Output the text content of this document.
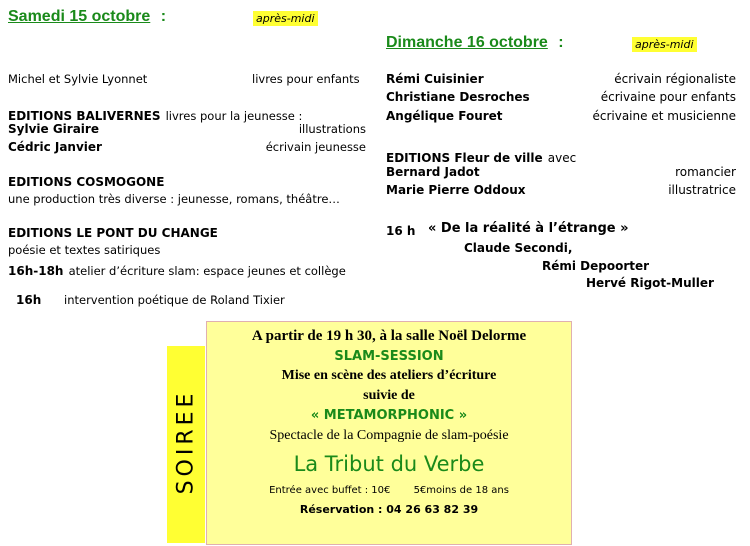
Samedi 15 octobre :	après-midi
Michel et Sylvie Lyonnet	livres pour enfants
EDITIONS BALIVERNES livres pour la jeunesse :
Sylvie Giraire	illustrations
Cédric Janvier	écrivain jeunesse
EDITIONS COSMOGONE
une production très diverse : jeunesse, romans, théâtre…
EDITIONS LE PONT DU CHANGE
poésie et textes satiriques
16h-18h atelier d’écriture slam: espace jeunes et collège
16h intervention poétique de Roland Tixier
Dimanche 16 octobre :	après-midi
Rémi Cuisinier	écrivain régionaliste
Christiane Desroches	écrivaine pour enfants
Angélique Fouret	écrivaine et musicienne
EDITIONS Fleur de ville avec
Bernard Jadot	romancier
Marie Pierre Oddoux	illustratrice
16 h « De la réalité à l’étrange »
Claude Secondi,
Rémi Depoorter
Hervé Rigot-Muller
SOIREE
A partir de 19 h 30, à la salle Noël Delorme
SLAM-SESSION
Mise en scène des ateliers d’écriture
suivie de
« METAMORPHONIC »
Spectacle de la Compagnie de slam-poésie
La Tribut du Verbe
Entrée avec buffet : 10€ 5€moins de 18 ans
Réservation : 04 26 63 82 39
